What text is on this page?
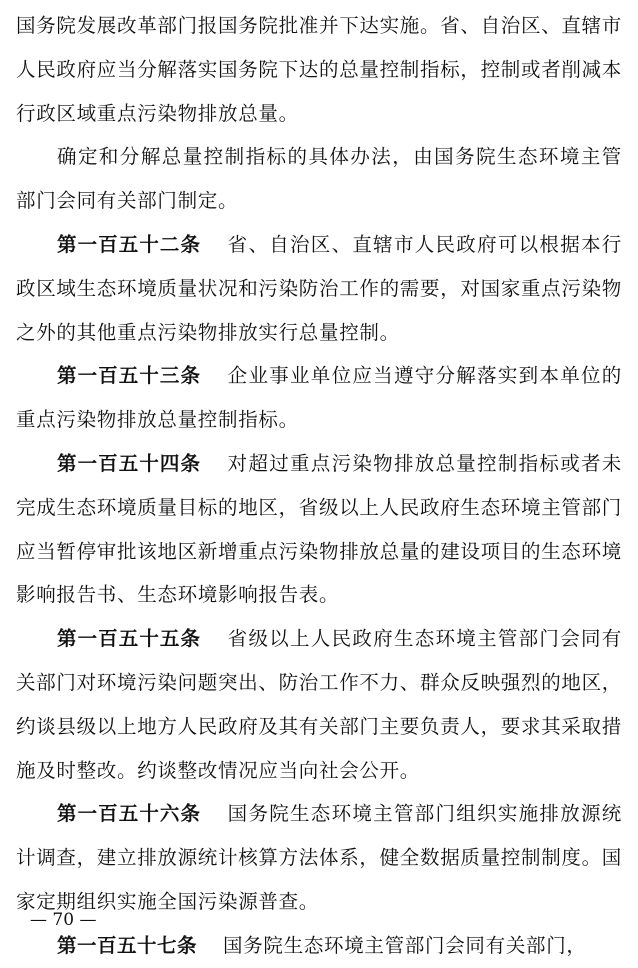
国务院发展改革部门报国务院批准并下达实施。省、自治区、直辖市人民政府应当分解落实国务院下达的总量控制指标，控制或者削减本行政区域重点污染物排放总量。

确定和分解总量控制指标的具体办法，由国务院生态环境主管部门会同有关部门制定。

第一百五十二条 省、自治区、直辖市人民政府可以根据本行政区域生态环境质量状况和污染防治工作的需要，对国家重点污染物之外的其他重点污染物排放实行总量控制。

第一百五十三条 企业事业单位应当遵守分解落实到本单位的重点污染物排放总量控制指标。

第一百五十四条 对超过重点污染物排放总量控制指标或者未完成生态环境质量目标的地区，省级以上人民政府生态环境主管部门应当暂停审批该地区新增重点污染物排放总量的建设项目的生态环境影响报告书、生态环境影响报告表。

第一百五十五条 省级以上人民政府生态环境主管部门会同有关部门对环境污染问题突出、防治工作不力、群众反映强烈的地区，约谈县级以上地方人民政府及其有关部门主要负责人，要求其采取措施及时整改。约谈整改情况应当向社会公开。

第一百五十六条 国务院生态环境主管部门组织实施排放源统计调查，建立排放源统计核算方法体系，健全数据质量控制制度。国家定期组织实施全国污染源普查。

第一百五十七条 国务院生态环境主管部门会同有关部门，

— 70 —
